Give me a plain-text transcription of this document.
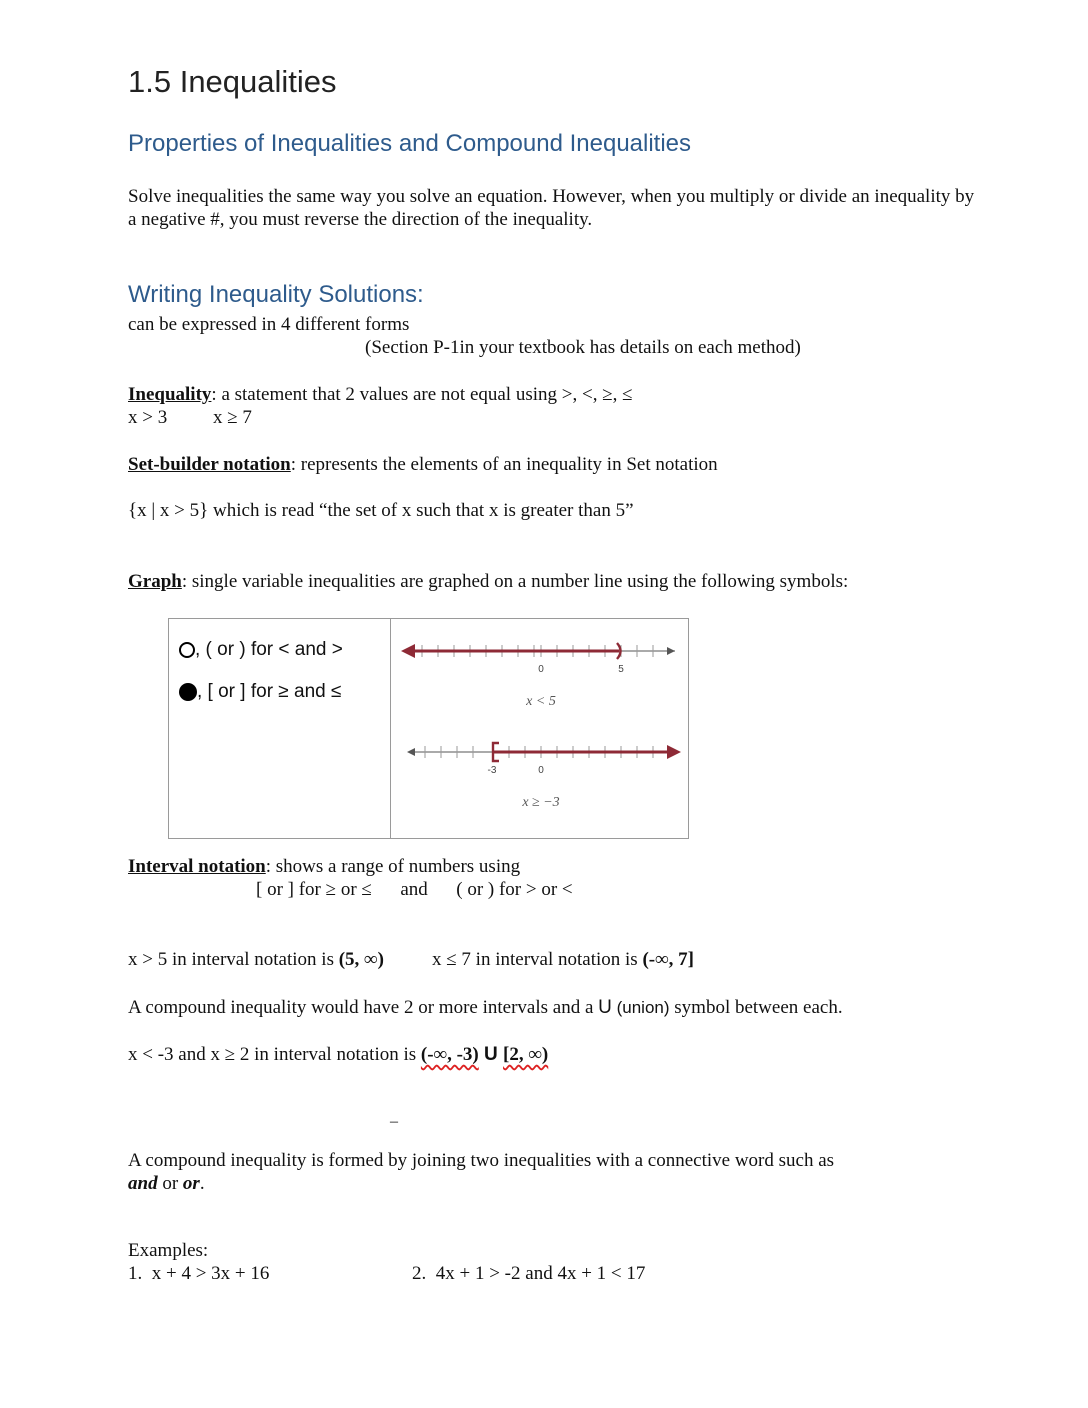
1.5 Inequalities
Properties of Inequalities and Compound Inequalities
Solve inequalities the same way you solve an equation. However, when you multiply or divide an inequality by
a negative #, you must reverse the direction of the inequality.
Writing Inequality Solutions:
can be expressed in 4 different forms
(Section P-1in your textbook has details on each method)
Inequality: a statement that 2 values are not equal using >, <, ≥, ≤
x > 3 x ≥ 7
Set-builder notation: represents the elements of an inequality in Set notation
{x | x > 5} which is read “the set of x such that x is greater than 5”
Graph: single variable inequalities are graphed on a number line using the following symbols:
, ( or ) for < and >
, [ or ] for ≥ and ≤

0	5
x < 5
-3	0
x ≥ −3
Interval notation: shows a range of numbers using
[ or ] for ≥ or ≤      and      ( or ) for > or <
x > 5 in interval notation is (5, ∞)	x ≤ 7 in interval notation is (-∞, 7]
A compound inequality would have 2 or more intervals and a U (union) symbol between each.
x < -3 and x ≥ 2 in interval notation is (-∞, -3) U [2, ∞)
–
A compound inequality is formed by joining two inequalities with a connective word such as
and or or.
Examples:
1.  x + 4 > 3x + 16	2.  4x + 1 > -2 and 4x + 1 < 17
